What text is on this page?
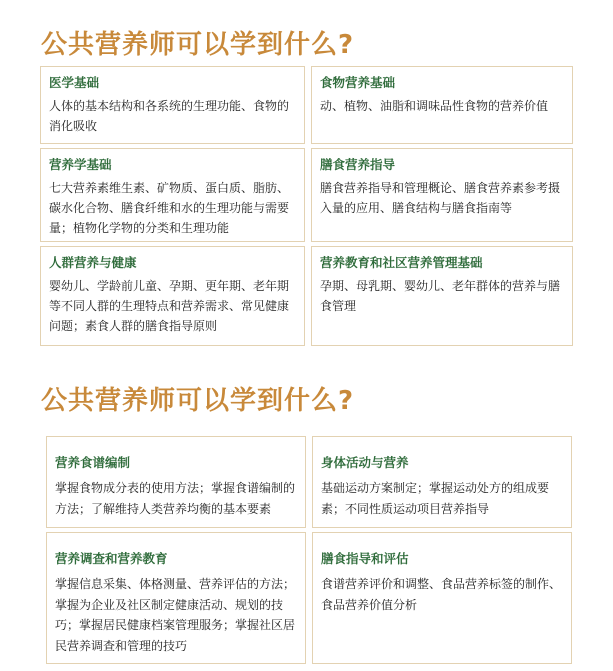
公共营养师可以学到什么?
医学基础
人体的基本结构和各系统的生理功能、食物的消化吸收
食物营养基础
动、植物、油脂和调味品性食物的营养价值
营养学基础
七大营养素维生素、矿物质、蛋白质、脂肪、碳水化合物、膳食纤维和水的生理功能与需要量；植物化学物的分类和生理功能
膳食营养指导
膳食营养指导和管理概论、膳食营养素参考摄入量的应用、膳食结构与膳食指南等
人群营养与健康
婴幼儿、学龄前儿童、孕期、更年期、老年期等不同人群的生理特点和营养需求、常见健康问题；素食人群的膳食指导原则
营养教育和社区营养管理基础
孕期、母乳期、婴幼儿、老年群体的营养与膳食管理
公共营养师可以学到什么?
营养食谱编制
掌握食物成分表的使用方法；掌握食谱编制的方法；了解维持人类营养均衡的基本要素
身体活动与营养
基础运动方案制定；掌握运动处方的组成要素；不同性质运动项目营养指导
营养调查和营养教育
掌握信息采集、体格测量、营养评估的方法；掌握为企业及社区制定健康活动、规划的技巧；掌握居民健康档案管理服务；掌握社区居民营养调查和管理的技巧
膳食指导和评估
食谱营养评价和调整、食品营养标签的制作、食品营养价值分析
